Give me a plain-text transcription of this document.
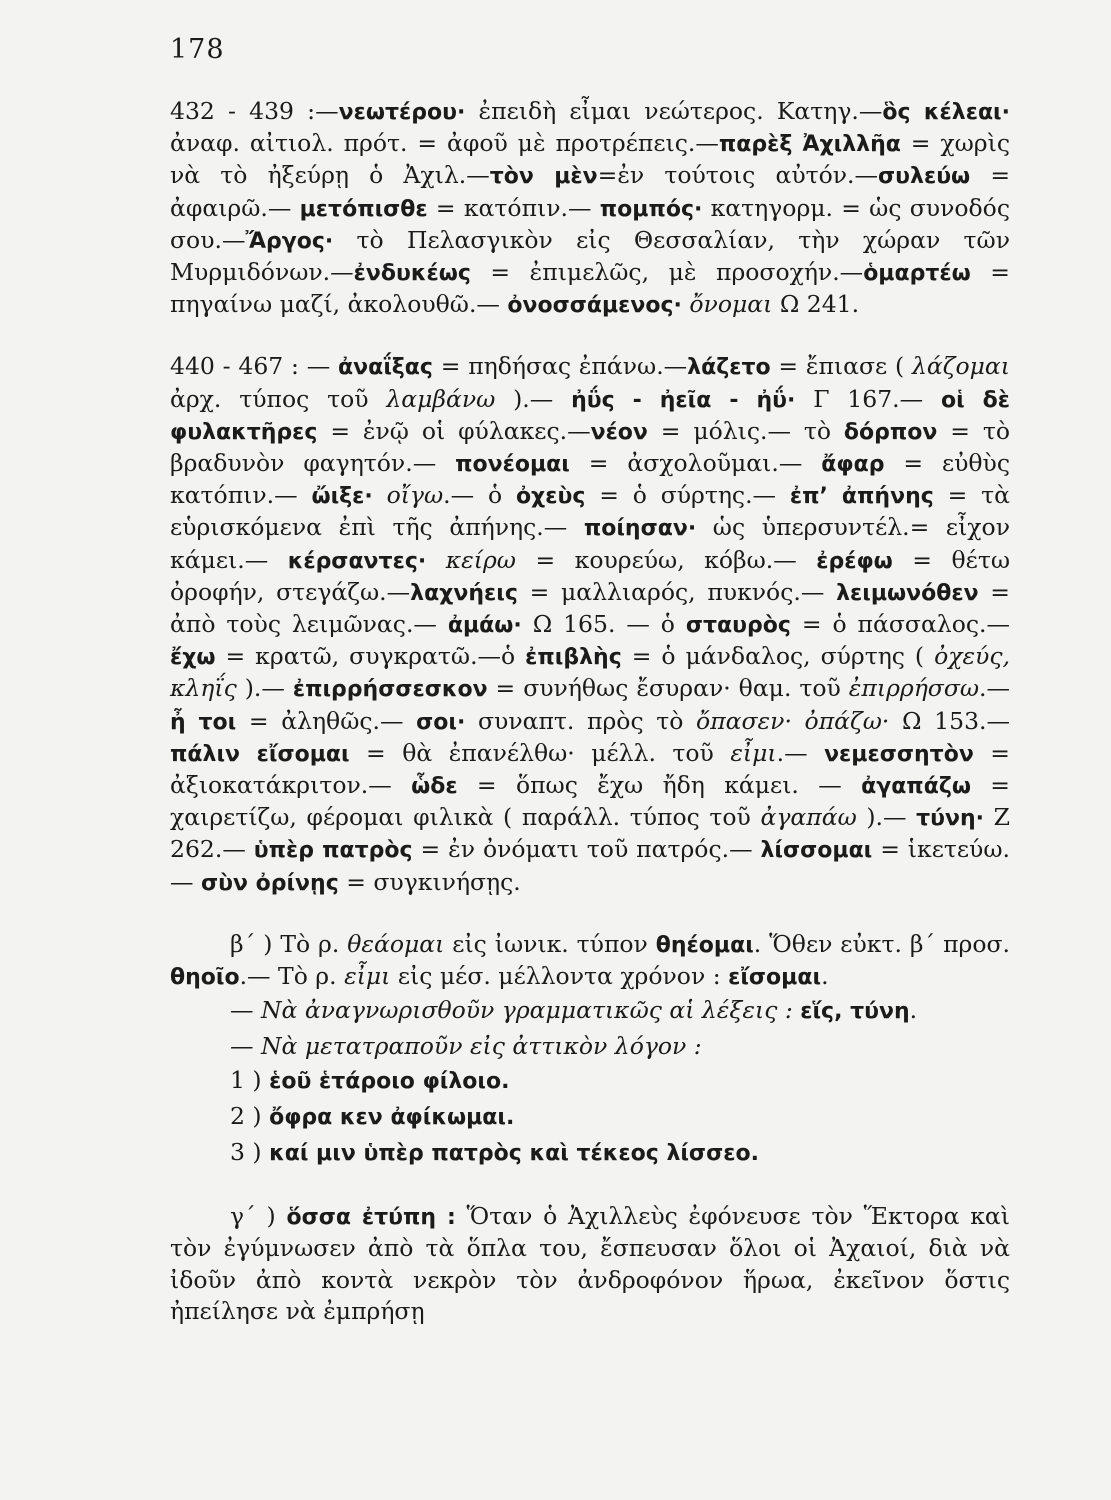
178

432 - 439 :—νεωτέρου· ἐπειδὴ εἶμαι νεώτερος. Κατηγ.—ὃς κέλεαι· ἀναφ. αἰτιολ. πρότ. = ἀφοῦ μὲ προτρέπεις.—παρὲξ Ἀχιλλῆα = χωρὶς νὰ τὸ ἠξεύρῃ ὁ Ἀχιλ.—τὸν μὲν=ἐν τούτοις αὐτόν.—συλεύω = ἀφαιρῶ.— μετόπισθε = κατόπιν.— πομπός· κατηγορμ. = ὡς συνοδός σου.—Ἄργος· τὸ Πελασγικὸν εἰς Θεσσαλίαν, τὴν χώραν τῶν Μυρμιδόνων.—ἐνδυκέως = ἐπιμελῶς, μὲ προσοχήν.—ὁμαρτέω = πηγαίνω μαζί, ἀκολουθῶ.— ὀνοσσάμενος· ὄνομαι Ω 241.

440 - 467 : — ἀναΐξας = πηδήσας ἐπάνω.—λάζετο = ἔπιασε ( λάζομαι ἀρχ. τύπος τοῦ λαμβάνω ).— ἠΰς - ἠεῖα - ἠΰ· Γ 167.— οἱ δὲ φυλακτῆρες = ἐνῷ οἱ φύλακες.—νέον = μόλις.— τὸ δόρπον = τὸ βραδυνὸν φαγητόν.— πονέομαι = ἀσχολοῦμαι.— ἄφαρ = εὐθὺς κατόπιν.— ὤιξε· οἴγω.— ὁ ὀχεὺς = ὁ σύρτης.— ἐπ’ ἀπήνης = τὰ εὑρισκόμενα ἐπὶ τῆς ἀπήνης.— ποίησαν· ὡς ὑπερσυντέλ.= εἶχον κάμει.— κέρσαντες· κείρω = κουρεύω, κόβω.— ἐρέφω = θέτω ὀροφήν, στεγάζω.—λαχνήεις = μαλλιαρός, πυκνός.— λειμωνόθεν = ἀπὸ τοὺς λειμῶνας.— ἀμάω· Ω 165. — ὁ σταυρὸς = ὁ πάσσαλος.— ἔχω = κρατῶ, συγκρατῶ.—ὁ ἐπιβλὴς = ὁ μάνδαλος, σύρτης ( ὀχεύς, κληΐς ).— ἐπιρρήσσεσκον = συνήθως ἔσυραν· θαμ. τοῦ ἐπιρρήσσω.— ἦ τοι = ἀληθῶς.— σοι· συναπτ. πρὸς τὸ ὄπασεν· ὀπάζω· Ω 153.— πάλιν εἴσομαι = θὰ ἐπανέλθω· μέλλ. τοῦ εἶμι.— νεμεσσητὸν = ἀξιοκατάκριτον.— ὧδε = ὅπως ἔχω ἤδη κάμει. — ἀγαπάζω = χαιρετίζω, φέρομαι φιλικὰ ( παράλλ. τύπος τοῦ ἀγαπάω ).— τύνη· Ζ 262.— ὑπὲρ πατρὸς = ἐν ὀνόματι τοῦ πατρός.— λίσσομαι = ἱκετεύω. — σὺν ὀρίνῃς = συγκινήσῃς.

β΄ ) Τὸ ρ. θεάομαι εἰς ἰωνικ. τύπον θηέομαι. Ὅθεν εὐκτ. β΄ προσ. θηοῖο.— Τὸ ρ. εἶμι εἰς μέσ. μέλλοντα χρόνον : εἴσομαι.

— Νὰ ἀναγνωρισθοῦν γραμματικῶς αἱ λέξεις : εἵς, τύνη.

— Νὰ μετατραποῦν εἰς ἀττικὸν λόγον :

1 ) ἑοῦ ἑτάροιο φίλοιο.

2 ) ὄφρα κεν ἀφίκωμαι.

3 ) καί μιν ὑπὲρ πατρὸς καὶ τέκεος λίσσεο.

γ΄ ) ὅσσα ἐτύπη : Ὅταν ὁ Ἀχιλλεὺς ἐφόνευσε τὸν Ἕκτορα καὶ τὸν ἐγύμνωσεν ἀπὸ τὰ ὅπλα του, ἔσπευσαν ὅλοι οἱ Ἀχαιοί, διὰ νὰ ἰδοῦν ἀπὸ κοντὰ νεκρὸν τὸν ἀνδροφόνον ἥρωα, ἐκεῖνον ὅστις ἠπείλησε νὰ ἐμπρήσῃ
